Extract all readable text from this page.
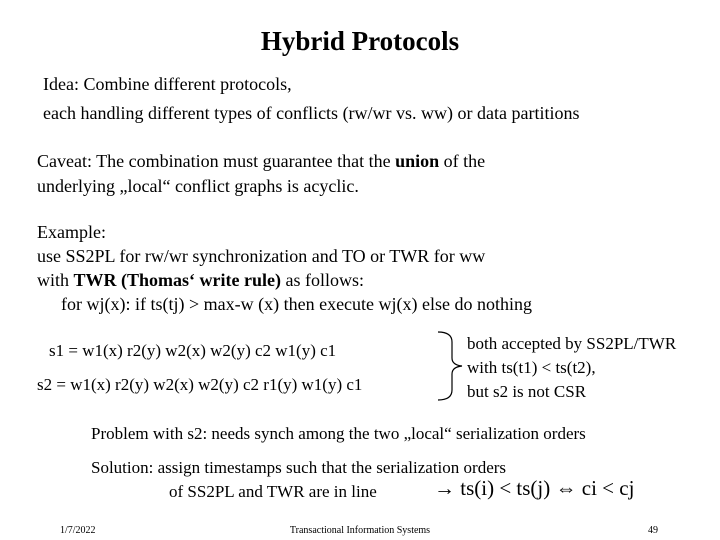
Hybrid Protocols
Idea: Combine different protocols,
each handling different types of conflicts (rw/wr vs. ww) or data partitions
Caveat: The combination must guarantee that the union of the
underlying „local“ conflict graphs is acyclic.
Example:
use SS2PL for rw/wr synchronization and TO or TWR for ww
with TWR (Thomas‘ write rule) as follows:
for wj(x): if ts(tj) > max-w (x) then execute wj(x) else do nothing
s1 = w1(x) r2(y) w2(x) w2(y) c2 w1(y) c1
s2 = w1(x) r2(y) w2(x) w2(y) c2 r1(y) w1(y) c1
both accepted by SS2PL/TWR
with ts(t1) < ts(t2),
but s2 is not CSR
Problem with s2: needs synch among the two „local“ serialization orders
Solution: assign timestamps such that the serialization orders
of SS2PL and TWR are in line	→ ts(i) < ts(j) ⇔ ci < cj
1/7/2022	Transactional Information Systems	49
